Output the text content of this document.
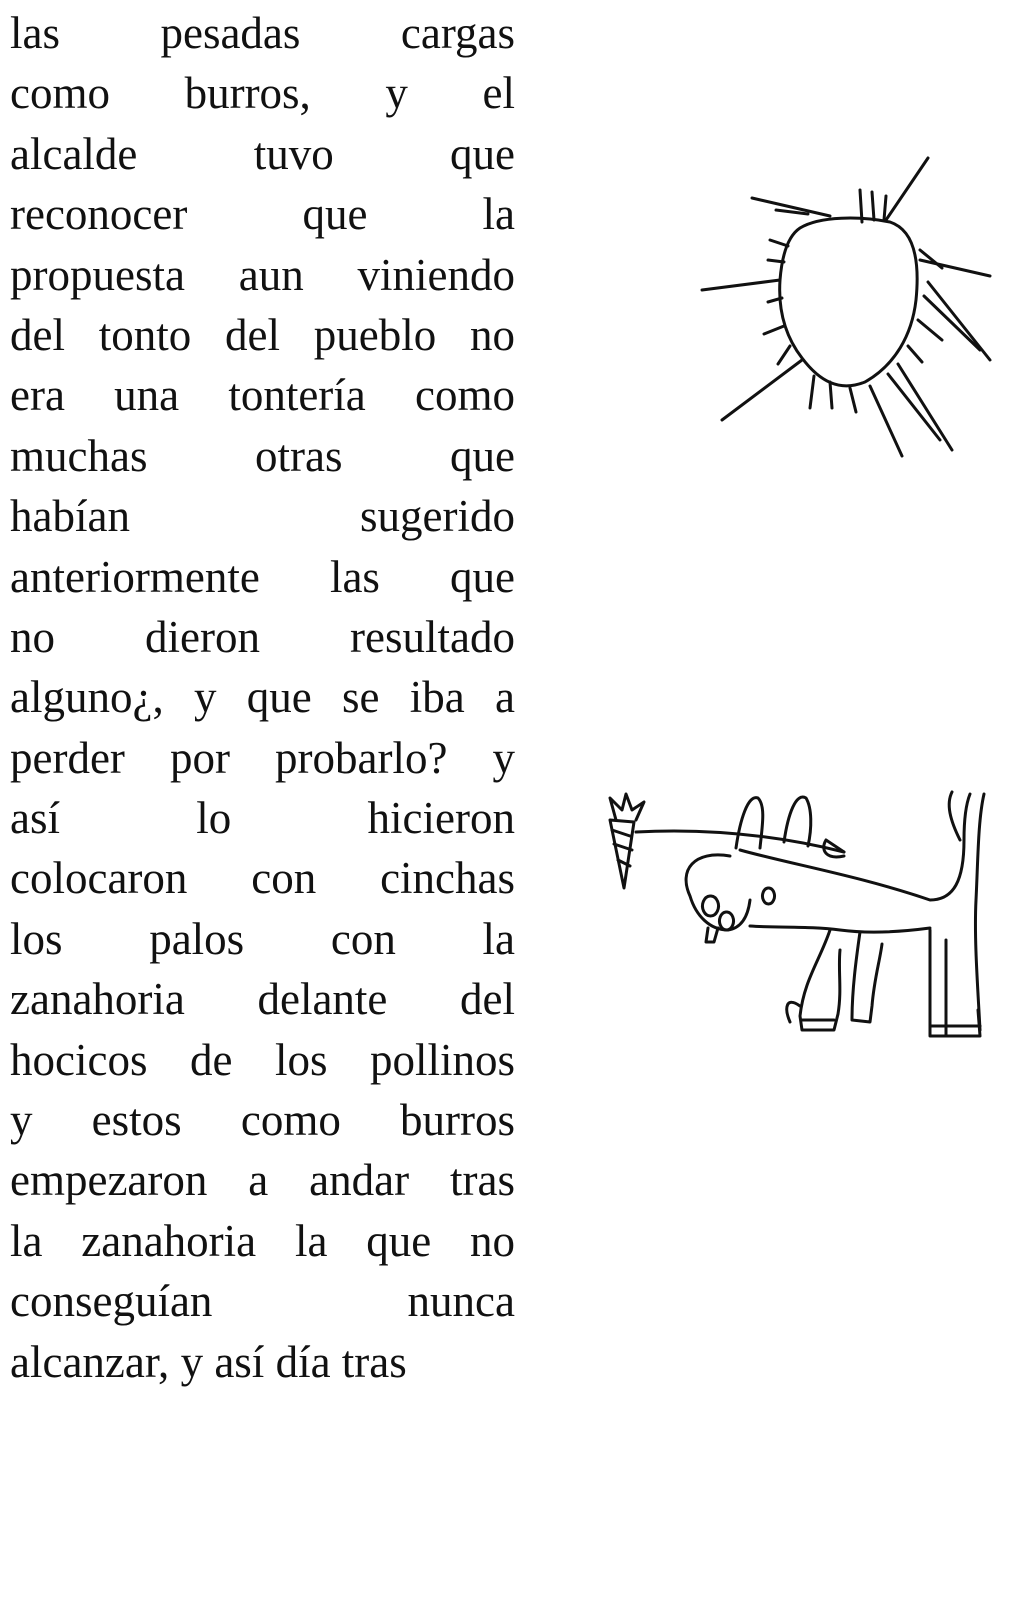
las pesadas cargas
como burros, y el
alcalde	tuvo	que
reconocer	que	la
propuesta aun viniendo
del tonto del pueblo no
era una tontería como
muchas otras que
habían	sugerido
anteriormente las que
no dieron resultado
alguno¿, y que se iba a
perder por probarlo? y
así	lo	hicieron
colocaron con cinchas
los palos con la
zanahoria delante del
hocicos de los pollinos
y estos como burros
empezaron a andar tras
la zanahoria la que no
conseguían	nunca
alcanzar,
y
así
día
tras
